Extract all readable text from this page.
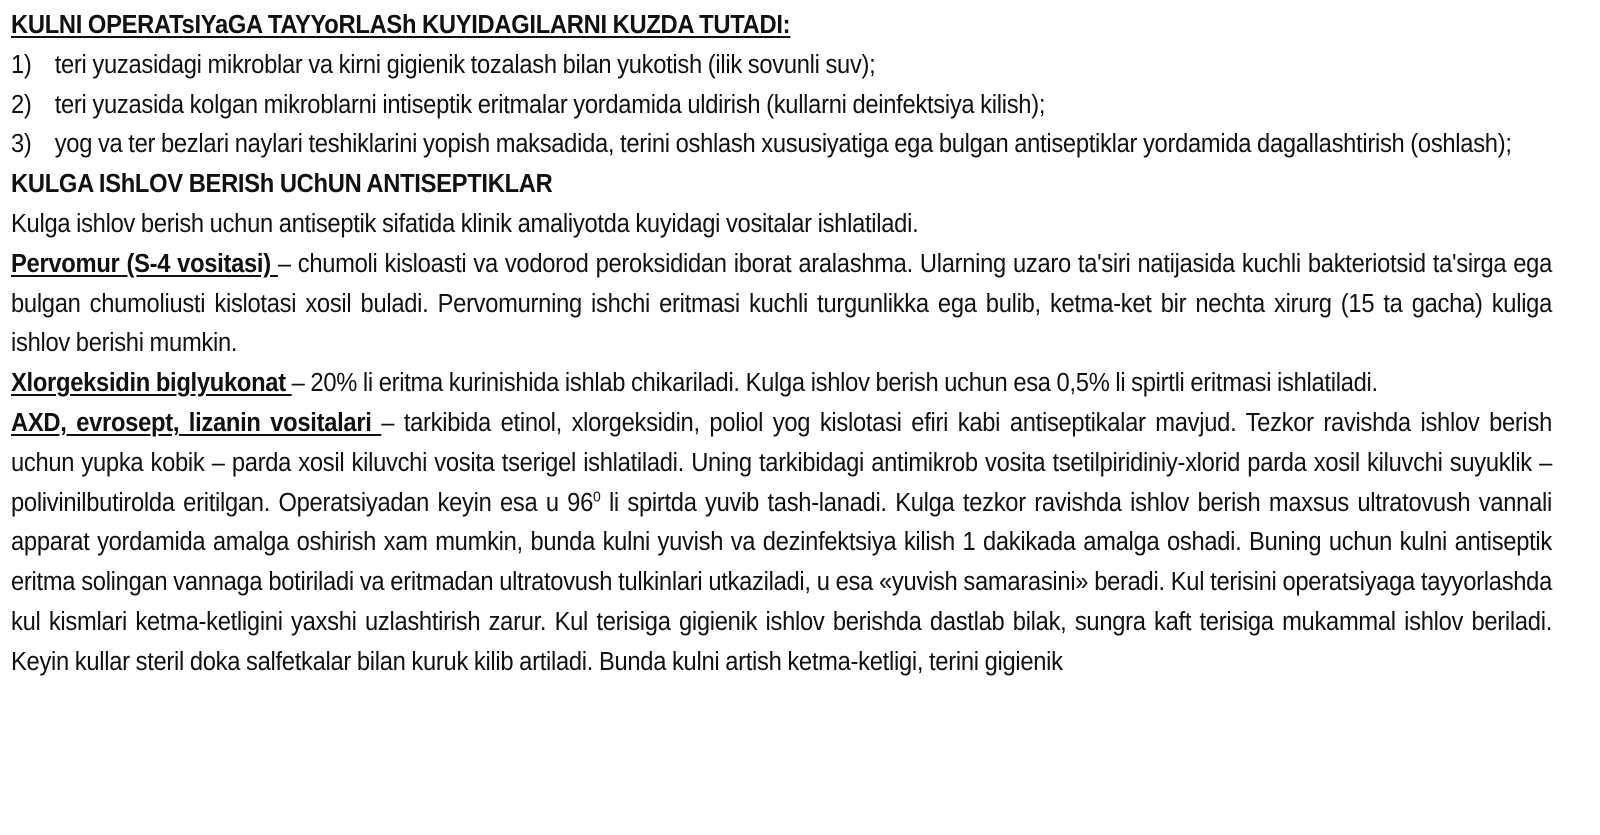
KULNI OPERATsIYaGA TAYYoRLASh KUYIDAGILARNI KUZDA TUTADI:

1) teri yuzasidagi mikroblar va kirni gigienik tozalash bilan yukotish (ilik sovunli suv);
2) teri yuzasida kolgan mikroblarni intiseptik eritmalar yordamida uldirish (kullarni deinfektsiya kilish);
3) yog va ter bezlari naylari teshiklarini yopish maksadida, terini oshlash xususiyatiga ega bulgan antiseptiklar yordamida dagallashtirish (oshlash);

KULGA IShLOV BERISh UChUN ANTISEPTIKLAR

Kulga ishlov berish uchun antiseptik sifatida klinik amaliyotda kuyidagi vositalar ishlatiladi.

Pervomur (S-4 vositasi) – chumoli kisloasti va vodorod peroksididan iborat aralashma. Ularning uzaro ta'siri natijasida kuchli bakteriotsid ta'sirga ega bulgan chumoliusti kislotasi xosil buladi. Pervomurning ishchi eritmasi kuchli turgunlikka ega bulib, ketma-ket bir nechta xirurg (15 ta gacha) kuliga ishlov berishi mumkin.

Xlorgeksidin biglyukonat – 20% li eritma kurinishida ishlab chikariladi. Kulga ishlov berish uchun esa 0,5% li spirtli eritmasi ishlatiladi.

AXD, evrosept, lizanin vositalari – tarkibida etinol, xlorgeksidin, poliol yog kislotasi efiri kabi antiseptikalar mavjud. Tezkor ravishda ishlov berish uchun yupka kobik – parda xosil kiluvchi vosita tserigel ishlatiladi. Uning tarkibidagi antimikrob vosita tsetilpiridiniy-xlorid parda xosil kiluvchi suyuklik – polivinilbutirolda eritilgan. Operatsiyadan keyin esa u $96^0$ li spirtda yuvib tash-lanadi. Kulga tezkor ravishda ishlov berish maxsus ultratovush vannali apparat yordamida amalga oshirish xam mumkin, bunda kulni yuvish va dezinfektsiya kilish 1 dakikada amalga oshadi. Buning uchun kulni antiseptik eritma solingan vannaga botiriladi va eritmadan ultratovush tulkinlari utkaziladi, u esa «yuvish samarasini» beradi. Kul terisini operatsiyaga tayyorlashda kul kismlari ketma-ketligini yaxshi uzlashtirish zarur. Kul terisiga gigienik ishlov berishda dastlab bilak, sungra kaft terisiga mukammal ishlov beriladi. Keyin kullar steril doka salfetkalar bilan kuruk kilib artiladi. Bunda kulni artish ketma-ketligi, terini gigienik
